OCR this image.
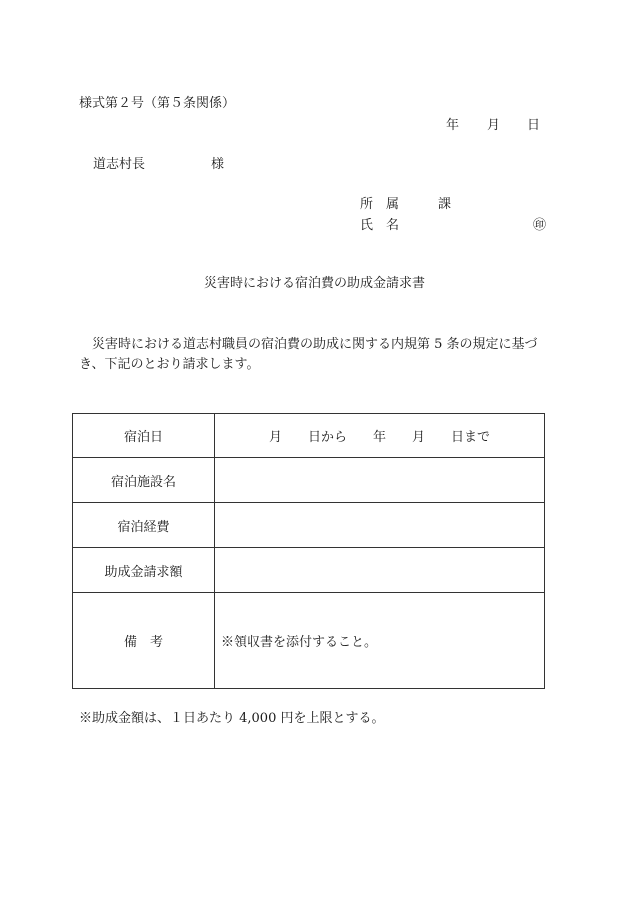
様式第２号（第５条関係）
年 月 日
道志村長	様
所　属	課
氏　名	㊞
災害時における宿泊費の助成金請求書
　災害時における道志村職員の宿泊費の助成に関する内規第 5 条の規定に基づ
き、下記のとおり請求します。
宿泊日	月　　日から　　年　　月　　日まで
宿泊施設名	
宿泊経費	
助成金請求額	
備　考	※領収書を添付すること。
※助成金額は、１日あたり 4,000 円を上限とする。
